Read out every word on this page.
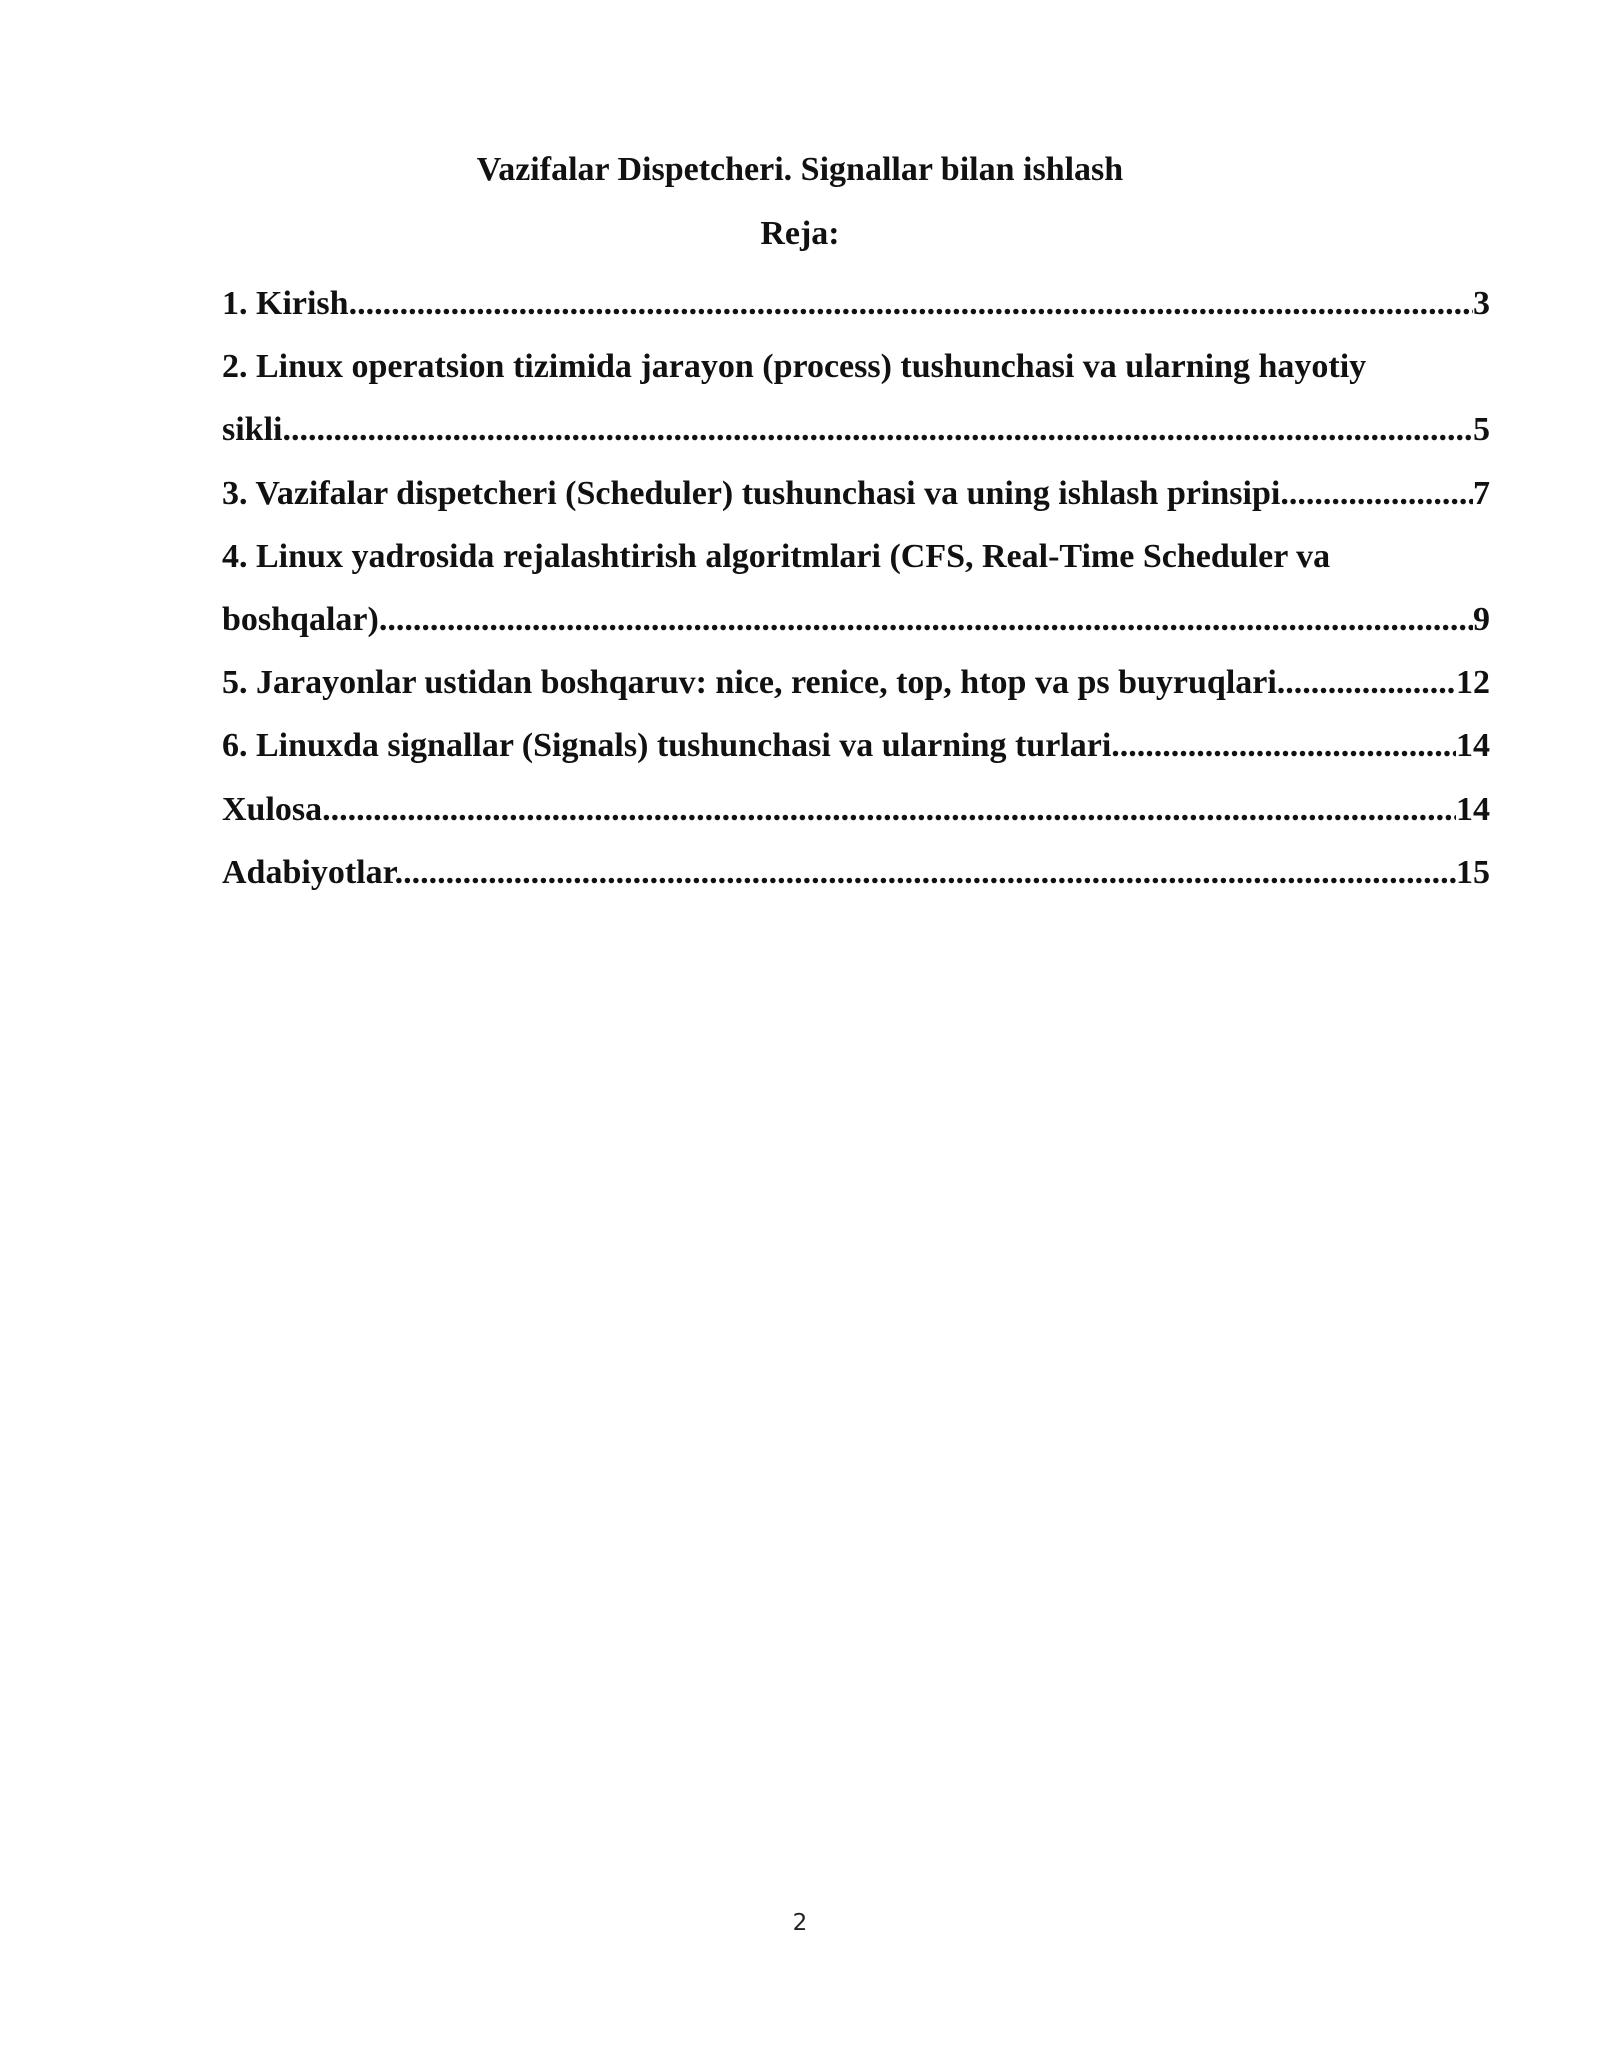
Vazifalar Dispetcheri. Signallar bilan ishlash
Reja:
1. Kirish .....	3
2. Linux operatsion tizimida jarayon (process) tushunchasi va ularning hayotiy
sikli .....	5
3. Vazifalar dispetcheri (Scheduler) tushunchasi va uning ishlash prinsipi .....	7
4. Linux yadrosida rejalashtirish algoritmlari (CFS, Real-Time Scheduler va
boshqalar) .....	9
5. Jarayonlar ustidan boshqaruv: nice, renice, top, htop va ps buyruqlari .....	12
6. Linuxda signallar (Signals) tushunchasi va ularning turlari .....	14
Xulosa .....	14
Adabiyotlar .....	15
2
